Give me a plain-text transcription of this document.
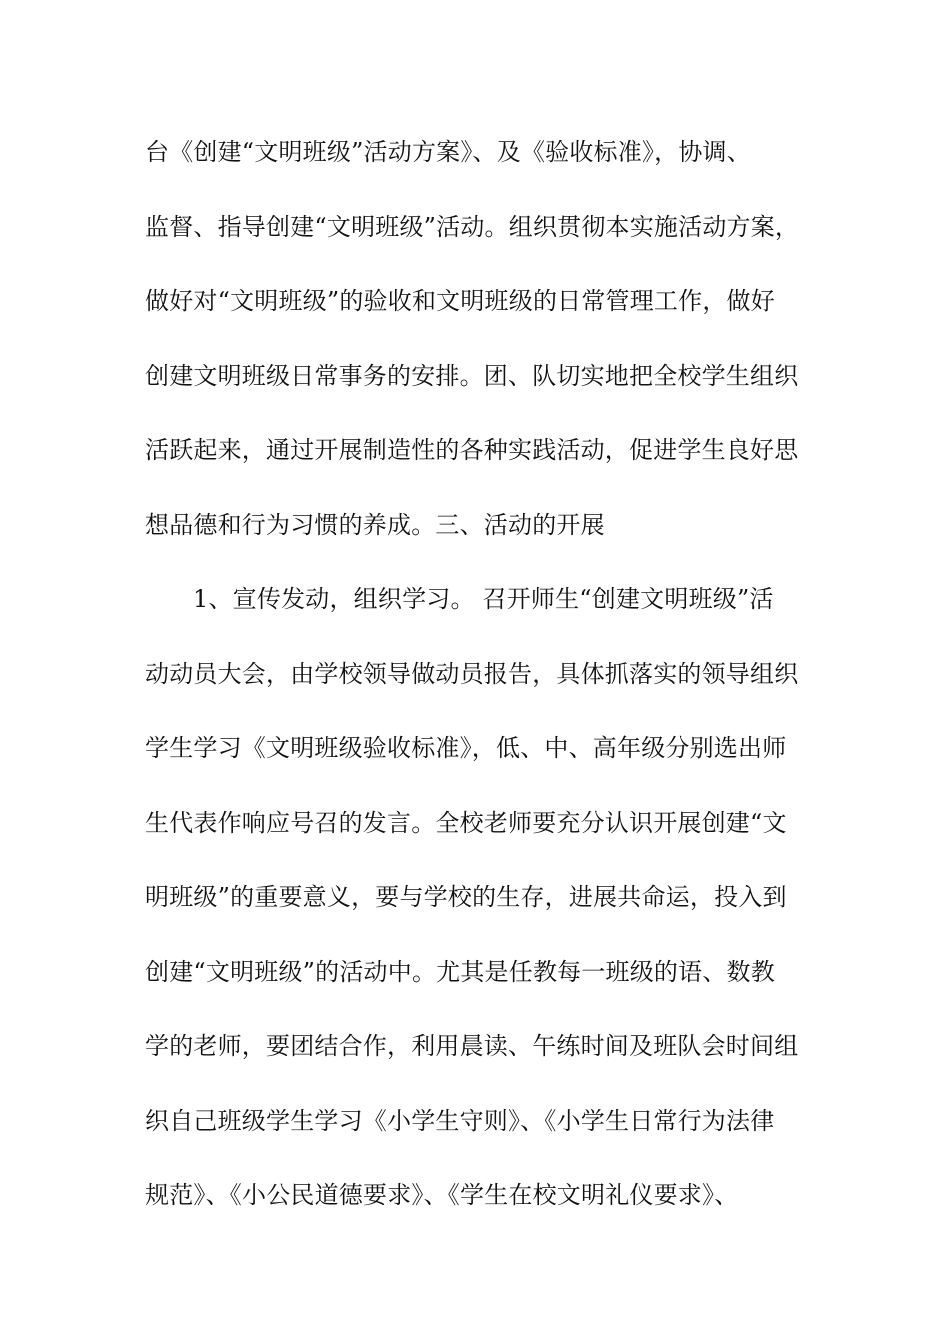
台《创建“文明班级”活动方案》、及《验收标准》，协调、
监督、指导创建“文明班级”活动。组织贯彻本实施活动方案，
做好对“文明班级”的验收和文明班级的日常管理工作，做好
创建文明班级日常事务的安排。团、队切实地把全校学生组织
活跃起来，通过开展制造性的各种实践活动，促进学生良好思
想品德和行为习惯的养成。三、活动的开展
1、宣传发动，组织学习。 召开师生“创建文明班级”活
动动员大会，由学校领导做动员报告，具体抓落实的领导组织
学生学习《文明班级验收标准》，低、中、高年级分别选出师
生代表作响应号召的发言。全校老师要充分认识开展创建“文
明班级”的重要意义，要与学校的生存，进展共命运，投入到
创建“文明班级”的活动中。尤其是任教每一班级的语、数教
学的老师，要团结合作，利用晨读、午练时间及班队会时间组
织自己班级学生学习《小学生守则》、《小学生日常行为法律
规范》、《小公民道德要求》、《学生在校文明礼仪要求》、
